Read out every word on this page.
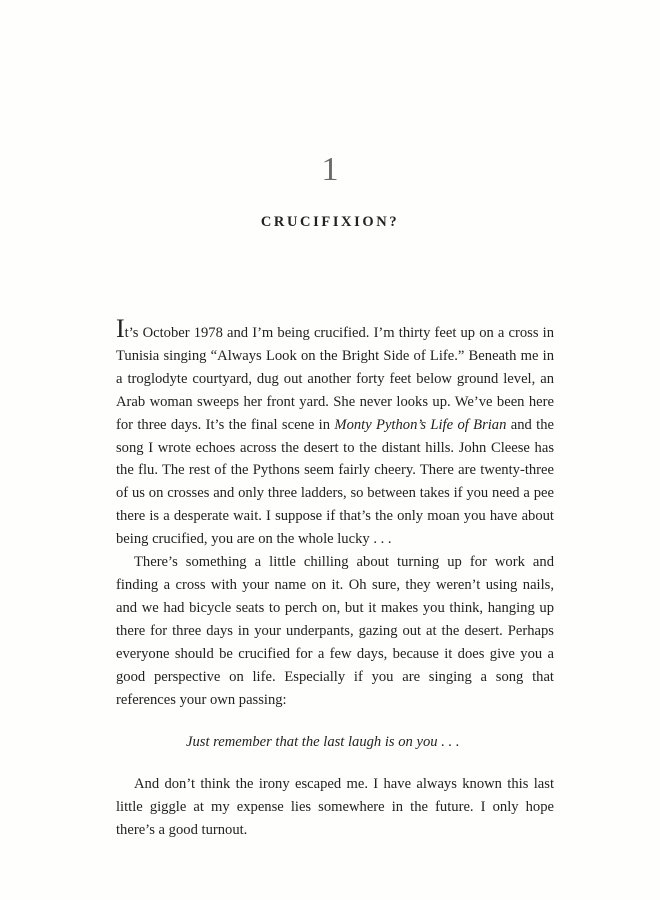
1
CRUCIFIXION?

It’s October 1978 and I’m being crucified. I’m thirty feet up on a cross in Tunisia singing “Always Look on the Bright Side of Life.” Beneath me in a troglodyte courtyard, dug out another forty feet below ground level, an Arab woman sweeps her front yard. She never looks up. We’ve been here for three days. It’s the final scene in Monty Python’s Life of Brian and the song I wrote echoes across the desert to the distant hills. John Cleese has the flu. The rest of the Pythons seem fairly cheery. There are twenty-three of us on crosses and only three ladders, so between takes if you need a pee there is a desperate wait. I suppose if that’s the only moan you have about being crucified, you are on the whole lucky . . .

There’s something a little chilling about turning up for work and finding a cross with your name on it. Oh sure, they weren’t using nails, and we had bicycle seats to perch on, but it makes you think, hanging up there for three days in your underpants, gazing out at the desert. Perhaps everyone should be crucified for a few days, because it does give you a good perspective on life. Especially if you are singing a song that references your own passing:

Just remember that the last laugh is on you . . .

And don’t think the irony escaped me. I have always known this last little giggle at my expense lies somewhere in the future. I only hope there’s a good turnout.
